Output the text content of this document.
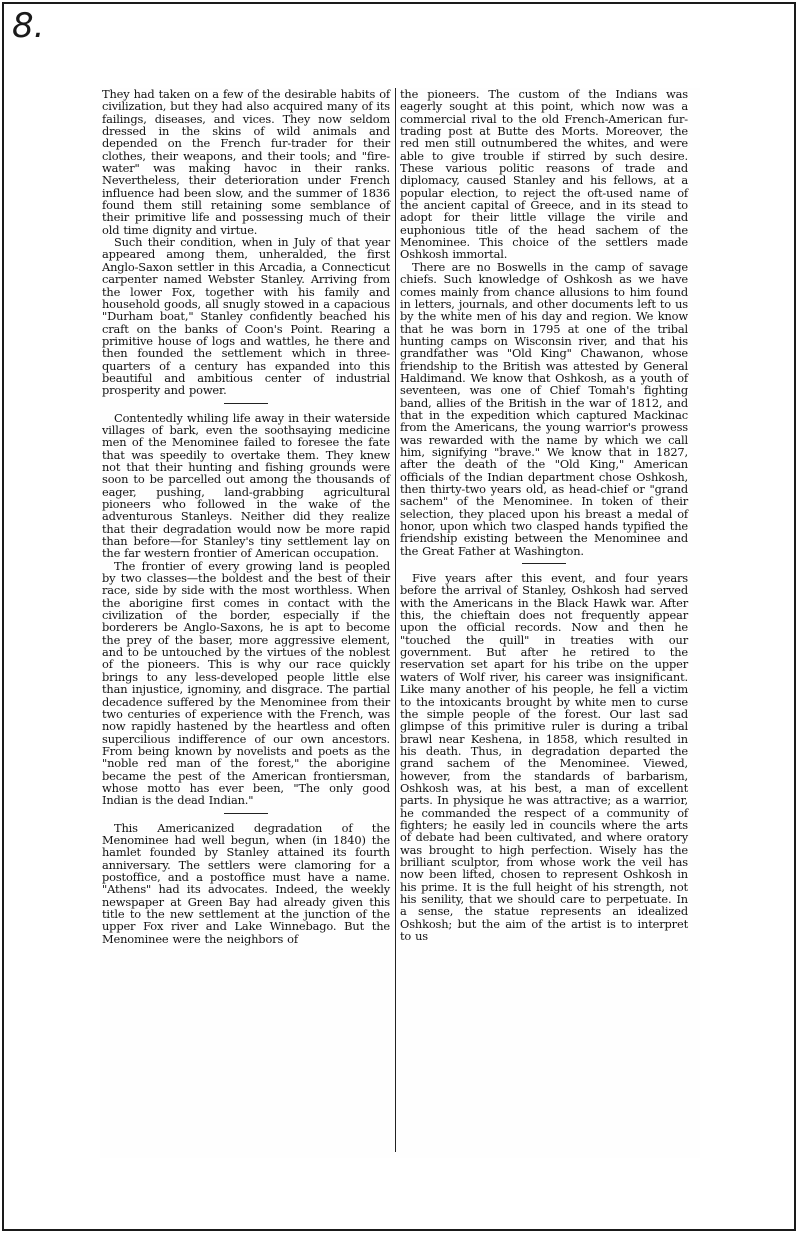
8.

They had taken on a few of the desirable habits of civilization, but they had also acquired many of its failings, diseases, and vices. They now seldom dressed in the skins of wild animals and depended on the French fur-trader for their clothes, their weapons, and their tools; and "fire-water" was making havoc in their ranks. Nevertheless, their deterioration under French influence had been slow, and the summer of 1836 found them still retaining some semblance of their primitive life and possessing much of their old time dignity and virtue.

Such their condition, when in July of that year appeared among them, unheralded, the first Anglo-Saxon settler in this Arcadia, a Connecticut carpenter named Webster Stanley. Arriving from the lower Fox, together with his family and household goods, all snugly stowed in a capacious "Durham boat," Stanley confidently beached his craft on the banks of Coon's Point. Rearing a primitive house of logs and wattles, he there and then founded the settlement which in three-quarters of a century has expanded into this beautiful and ambitious center of industrial prosperity and power.

Contentedly whiling life away in their waterside villages of bark, even the soothsaying medicine men of the Menominee failed to foresee the fate that was speedily to overtake them. They knew not that their hunting and fishing grounds were soon to be parcelled out among the thousands of eager, pushing, land-grabbing agricultural pioneers who followed in the wake of the adventurous Stanleys. Neither did they realize that their degradation would now be more rapid than before—for Stanley's tiny settlement lay on the far western frontier of American occupation.

The frontier of every growing land is peopled by two classes—the boldest and the best of their race, side by side with the most worthless. When the aborigine first comes in contact with the civilization of the border, especially if the borderers be Anglo-Saxons, he is apt to become the prey of the baser, more aggressive element, and to be untouched by the virtues of the noblest of the pioneers. This is why our race quickly brings to any less-developed people little else than injustice, ignominy, and disgrace. The partial decadence suffered by the Menominee from their two centuries of experience with the French, was now rapidly hastened by the heartless and often supercilious indifference of our own ancestors. From being known by novelists and poets as the "noble red man of the forest," the aborigine became the pest of the American frontiersman, whose motto has ever been, "The only good Indian is the dead Indian."

This Americanized degradation of the Menominee had well begun, when (in 1840) the hamlet founded by Stanley attained its fourth anniversary. The settlers were clamoring for a postoffice, and a postoffice must have a name. "Athens" had its advocates. Indeed, the weekly newspaper at Green Bay had already given this title to the new settlement at the junction of the upper Fox river and Lake Winnebago. But the Menominee were the neighbors of

the pioneers. The custom of the Indians was eagerly sought at this point, which now was a commercial rival to the old French-American fur-trading post at Butte des Morts. Moreover, the red men still outnumbered the whites, and were able to give trouble if stirred by such desire. These various politic reasons of trade and diplomacy, caused Stanley and his fellows, at a popular election, to reject the oft-used name of the ancient capital of Greece, and in its stead to adopt for their little village the virile and euphonious title of the head sachem of the Menominee. This choice of the settlers made Oshkosh immortal.

There are no Boswells in the camp of savage chiefs. Such knowledge of Oshkosh as we have comes mainly from chance allusions to him found in letters, journals, and other documents left to us by the white men of his day and region. We know that he was born in 1795 at one of the tribal hunting camps on Wisconsin river, and that his grandfather was "Old King" Chawanon, whose friendship to the British was attested by General Haldimand. We know that Oshkosh, as a youth of seventeen, was one of Chief Tomah's fighting band, allies of the British in the war of 1812, and that in the expedition which captured Mackinac from the Americans, the young warrior's prowess was rewarded with the name by which we call him, signifying "brave." We know that in 1827, after the death of the "Old King," American officials of the Indian department chose Oshkosh, then thirty-two years old, as head-chief or "grand sachem" of the Menominee. In token of their selection, they placed upon his breast a medal of honor, upon which two clasped hands typified the friendship existing between the Menominee and the Great Father at Washington.

Five years after this event, and four years before the arrival of Stanley, Oshkosh had served with the Americans in the Black Hawk war. After this, the chieftain does not frequently appear upon the official records. Now and then he "touched the quill" in treaties with our government. But after he retired to the reservation set apart for his tribe on the upper waters of Wolf river, his career was insignificant. Like many another of his people, he fell a victim to the intoxicants brought by white men to curse the simple people of the forest. Our last sad glimpse of this primitive ruler is during a tribal brawl near Keshena, in 1858, which resulted in his death. Thus, in degradation departed the grand sachem of the Menominee. Viewed, however, from the standards of barbarism, Oshkosh was, at his best, a man of excellent parts. In physique he was attractive; as a warrior, he commanded the respect of a community of fighters; he easily led in councils where the arts of debate had been cultivated, and where oratory was brought to high perfection. Wisely has the brilliant sculptor, from whose work the veil has now been lifted, chosen to represent Oshkosh in his prime. It is the full height of his strength, not his senility, that we should care to perpetuate. In a sense, the statue represents an idealized Oshkosh; but the aim of the artist is to interpret to us
